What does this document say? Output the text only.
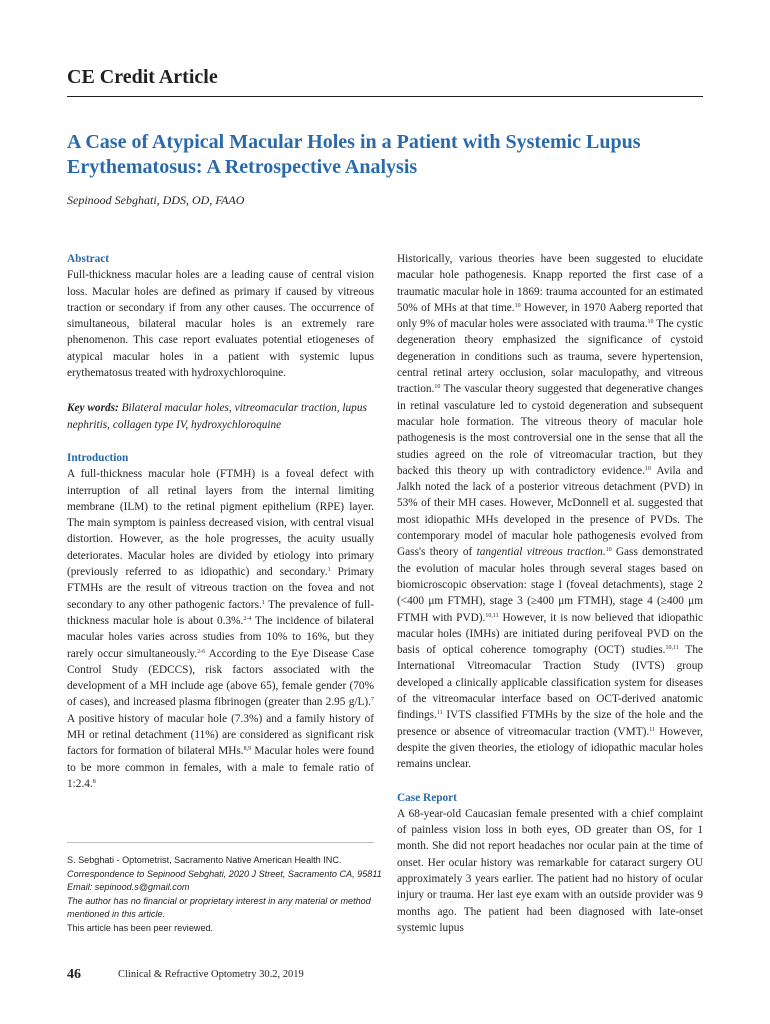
CE Credit Article
A Case of Atypical Macular Holes in a Patient with Systemic Lupus Erythematosus: A Retrospective Analysis
Sepinood Sebghati, DDS, OD, FAAO
Abstract

Full-thickness macular holes are a leading cause of central vision loss. Macular holes are defined as primary if caused by vitreous traction or secondary if from any other causes. The occurrence of simultaneous, bilateral macular holes is an extremely rare phenomenon. This case report evaluates potential etiogeneses of atypical macular holes in a patient with systemic lupus erythematosus treated with hydroxychloroquine.

Key words: Bilateral macular holes, vitreomacular traction, lupus nephritis, collagen type IV, hydroxychloroquine

Introduction

A full-thickness macular hole (FTMH) is a foveal defect with interruption of all retinal layers from the internal limiting membrane (ILM) to the retinal pigment epithelium (RPE) layer. The main symptom is painless decreased vision, with central visual distortion. However, as the hole progresses, the acuity usually deteriorates. Macular holes are divided by etiology into primary (previously referred to as idiopathic) and secondary.$^1$ Primary FTMHs are the result of vitreous traction on the fovea and not secondary to any other pathogenic factors.$^1$ The prevalence of full-thickness macular hole is about 0.3%.$^{2-4}$ The incidence of bilateral macular holes varies across studies from 10% to 16%, but they rarely occur simultaneously.$^{2-6}$ According to the Eye Disease Case Control Study (EDCCS), risk factors associated with the development of a MH include age (above 65), female gender (70% of cases), and increased plasma fibrinogen (greater than 2.95 g/L).$^7$ A positive history of macular hole (7.3%) and a family history of MH or retinal detachment (11%) are considered as significant risk factors for formation of bilateral MHs.$^{8,9}$ Macular holes were found to be more common in females, with a male to female ratio of 1:2.4.$^8$

Historically, various theories have been suggested to elucidate macular hole pathogenesis. Knapp reported the first case of a traumatic macular hole in 1869: trauma accounted for an estimated 50% of MHs at that time.$^{10}$ However, in 1970 Aaberg reported that only 9% of macular holes were associated with trauma.$^{10}$ The cystic degeneration theory emphasized the significance of cystoid degeneration in conditions such as trauma, severe hypertension, central retinal artery occlusion, solar maculopathy, and vitreous traction.$^{10}$ The vascular theory suggested that degenerative changes in retinal vasculature led to cystoid degeneration and subsequent macular hole formation. The vitreous theory of macular hole pathogenesis is the most controversial one in the sense that all the studies agreed on the role of vitreomacular traction, but they backed this theory up with contradictory evidence.$^{10}$ Avila and Jalkh noted the lack of a posterior vitreous detachment (PVD) in 53% of their MH cases. However, McDonnell et al. suggested that most idiopathic MHs developed in the presence of PVDs. The contemporary model of macular hole pathogenesis evolved from Gass's theory of tangential vitreous traction.$^{10}$ Gass demonstrated the evolution of macular holes through several stages based on biomicroscopic observation: stage I (foveal detachments), stage 2 (<400 μm FTMH), stage 3 (≥400 μm FTMH), stage 4 (≥400 μm FTMH with PVD).$^{10,11}$ However, it is now believed that idiopathic macular holes (IMHs) are initiated during perifoveal PVD on the basis of optical coherence tomography (OCT) studies.$^{10,11}$ The International Vitreomacular Traction Study (IVTS) group developed a clinically applicable classification system for diseases of the vitreomacular interface based on OCT-derived anatomic findings.$^{11}$ IVTS classified FTMHs by the size of the hole and the presence or absence of vitreomacular traction (VMT).$^{11}$ However, despite the given theories, the etiology of idiopathic macular holes remains unclear.

Case Report

A 68-year-old Caucasian female presented with a chief complaint of painless vision loss in both eyes, OD greater than OS, for 1 month. She did not report headaches nor ocular pain at the time of onset. Her ocular history was remarkable for cataract surgery OU approximately 3 years earlier. The patient had no history of ocular injury or trauma. Her last eye exam with an outside provider was 9 months ago. The patient had been diagnosed with late-onset systemic lupus

S. Sebghati - Optometrist, Sacramento Native American Health INC.
Correspondence to Sepinood Sebghati, 2020 J Street, Sacramento CA, 95811
Email: sepinood.s@gmail.com
The author has no financial or proprietary interest in any material or method mentioned in this article.
This article has been peer reviewed.
46	Clinical & Refractive Optometry 30.2, 2019
